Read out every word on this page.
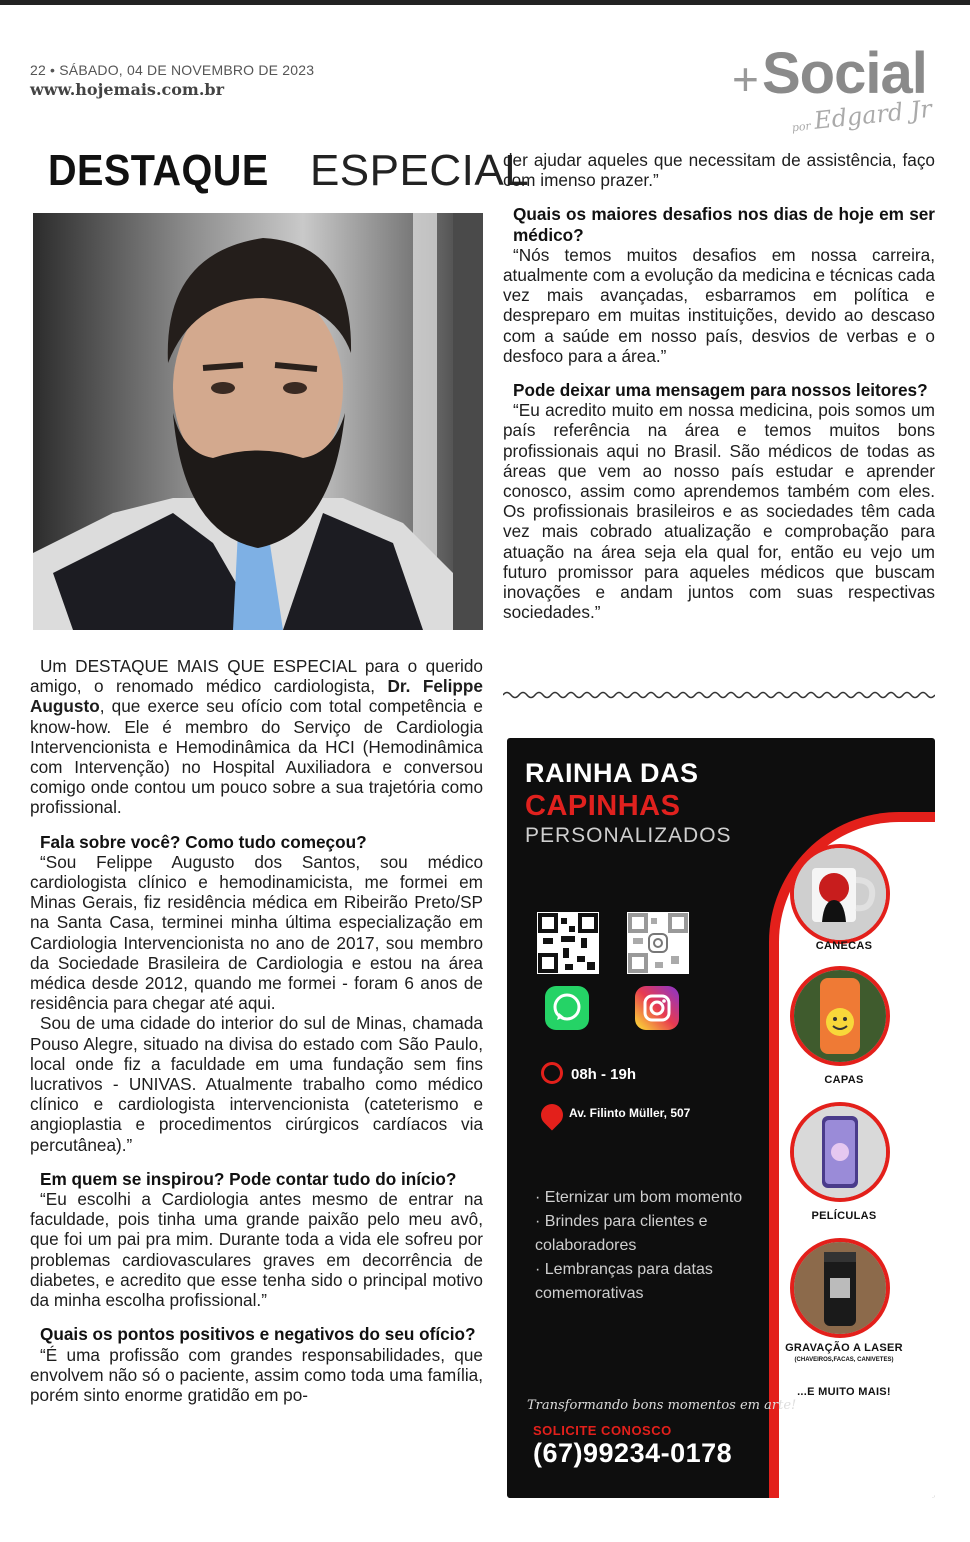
22 • SÁBADO, 04 DE NOVEMBRO DE 2023
www.hojemais.com.br	+ Social
porEdgard Jr
DESTAQUE ESPECIAL

Um DESTAQUE MAIS QUE ESPECIAL para o querido amigo, o renomado médico cardiologista, Dr. Felippe Augusto, que exerce seu ofício com total competência e know-how. Ele é membro do Serviço de Cardiologia Intervencionista e Hemodinâmica da HCI (Hemodinâmica com Intervenção) no Hospital Auxiliadora e conversou comigo onde contou um pouco sobre a sua trajetória como profissional.

Fala sobre você? Como tudo começou?

“Sou Felippe Augusto dos Santos, sou médico cardiologista clínico e hemodinamicista, me formei em Minas Gerais, fiz residência médica em Ribeirão Preto/SP na Santa Casa, terminei minha última especialização em Cardiologia Intervencionista no ano de 2017, sou membro da Sociedade Brasileira de Cardiologia e estou na área médica desde 2012, quando me formei - foram 6 anos de residência para chegar até aqui.

Sou de uma cidade do interior do sul de Minas, chamada Pouso Alegre, situado na divisa do estado com São Paulo, local onde fiz a faculdade em uma fundação sem fins lucrativos - UNIVAS. Atualmente trabalho como médico clínico e cardiologista intervencionista (cateterismo e angioplastia e procedimentos cirúrgicos cardíacos via percutânea).”

Em quem se inspirou? Pode contar tudo do início?

“Eu escolhi a Cardiologia antes mesmo de entrar na faculdade, pois tinha uma grande paixão pelo meu avô, que foi um pai pra mim. Durante toda a vida ele sofreu por problemas cardiovasculares graves em decorrência de diabetes, e acredito que esse tenha sido o principal motivo da minha escolha profissional.”

Quais os pontos positivos e negativos do seu ofício?

“É uma profissão com grandes responsabilidades, que envolvem não só o paciente, assim como toda uma família, porém sinto enorme gratidão em po-

der ajudar aqueles que necessitam de assistência, faço com imenso prazer.”

Quais os maiores desafios nos dias de hoje em ser médico?

“Nós temos muitos desafios em nossa carreira, atualmente com a evolução da medicina e técnicas cada vez mais avançadas, esbarramos em política e despreparo em muitas instituições, devido ao descaso com a saúde em nosso país, desvios de verbas e o desfoco para a área.”

Pode deixar uma mensagem para nossos leitores?

“Eu acredito muito em nossa medicina, pois somos um país referência na área e temos muitos bons profissionais aqui no Brasil. São médicos de todas as áreas que vem ao nosso país estudar e aprender conosco, assim como aprendemos também com eles. Os profissionais brasileiros e as sociedades têm cada vez mais cobrado atualização e comprobação para atuação na área seja ela qual for, então eu vejo um futuro promissor para aqueles médicos que buscam inovações e andam juntos com suas respectivas sociedades.”

RAINHA DAS
CAPINHAS
PERSONALIZADOS
08h - 19h
Av. Filinto Müller, 507
· Eternizar um bom momento
· Brindes para clientes e colaboradores
· Lembranças para datas comemorativas
CANECAS
CAPAS
PELÍCULAS
GRAVAÇÃO A LASER
(CHAVEIROS,FACAS, CANIVETES)
...E MUITO MAIS!
Transformando bons momentos em arte!
SOLICITE CONOSCO
(67)99234-0178
